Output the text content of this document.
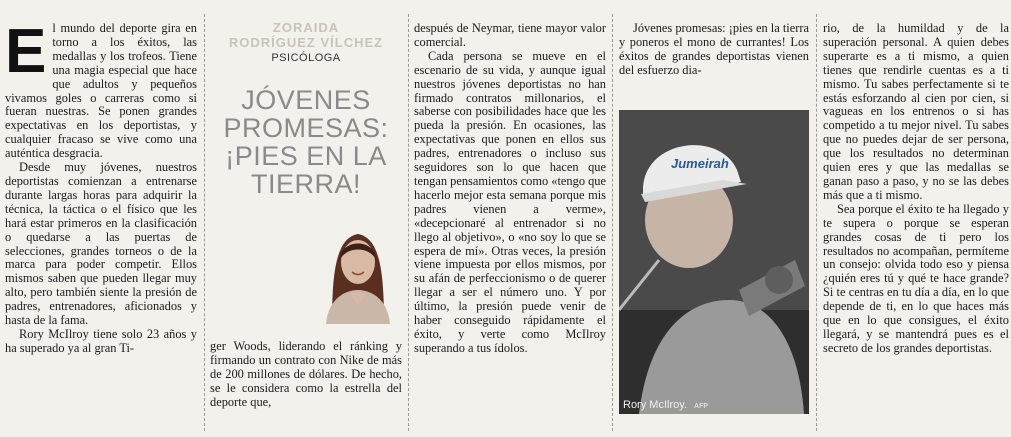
E l mundo del deporte gira en torno a los éxitos, las medallas y los trofeos. Tiene una magia especial que hace que adultos y pequeños vivamos goles o carreras como si fueran nuestras. Se ponen grandes expectativas en los deportistas, y cualquier fracaso se vive como una auténtica desgracia.

Desde muy jóvenes, nuestros deportistas comienzan a entrenarse durante largas horas para adquirir la técnica, la táctica o el físico que les hará estar primeros en la clasificación o quedarse a las puertas de selecciones, grandes torneos o de la marca para poder competir. Ellos mismos saben que pueden llegar muy alto, pero también siente la presión de padres, entrenadores, aficionados y hasta de la fama.

Rory McIlroy tiene solo 23 años y ha superado ya al gran Ti-

ZORAIDA
RODRÍGUEZ VÍLCHEZ
PSICÓLOGA
JÓVENES
PROMESAS:
¡PIES EN LA
TIERRA!

ger Woods, liderando el ránking y firmando un contrato con Nike de más de 200 millones de dólares. De hecho, se le considera como la estrella del deporte que,

después de Neymar, tiene mayor valor comercial.

Cada persona se mueve en el escenario de su vida, y aunque igual nuestros jóvenes deportistas no han firmado contratos millonarios, el saberse con posibilidades hace que les pueda la presión. En ocasiones, las expectativas que ponen en ellos sus padres, entrenadores o incluso sus seguidores son lo que hacen que tengan pensamientos como «tengo que hacerlo mejor esta semana porque mis padres vienen a verme», «decepcionaré al entrenador si no llego al objetivo», o «no soy lo que se espera de mí». Otras veces, la presión viene impuesta por ellos mismos, por su afán de perfeccionismo o de querer llegar a ser el número uno. Y por último, la presión puede venir de haber conseguido rápidamente el éxito, y verte como McIlroy superando a tus ídolos.

Jóvenes promesas: ¡pies en la tierra y poneros el mono de currantes! Los éxitos de grandes deportistas vienen del esfuerzo dia-

Jumeirah
Rory McIlroy. AFP

rio, de la humildad y de la superación personal. A quien debes superarte es a ti mismo, a quien tienes que rendirle cuentas es a ti mismo. Tu sabes perfectamente si te estás esforzando al cien por cien, si vagueas en los entrenos o si has competido a tu mejor nivel. Tu sabes que no puedes dejar de ser persona, que los resultados no determinan quien eres y que las medallas se ganan paso a paso, y no se las debes más que a ti mismo.

Sea porque el éxito te ha llegado y te supera o porque se esperan grandes cosas de ti pero los resultados no acompañan, permíteme un consejo: olvida todo eso y piensa ¿quién eres tú y qué te hace grande? Si te centras en tu día a día, en lo que depende de ti, en lo que haces más que en lo que consigues, el éxito llegará, y se mantendrá pues es el secreto de los grandes deportistas.
